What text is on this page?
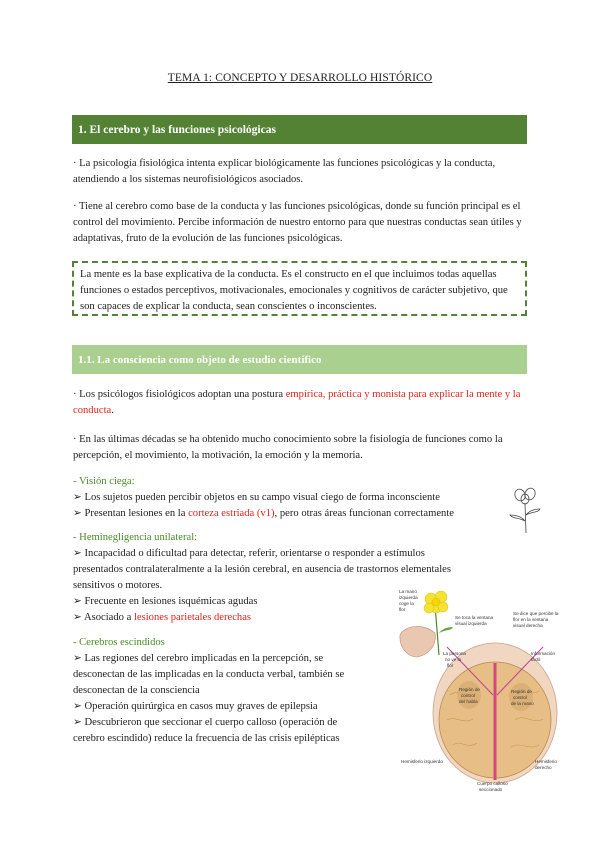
TEMA 1: CONCEPTO Y DESARROLLO HISTÓRICO
1. El cerebro y las funciones psicológicas

· La psicología fisiológica intenta explicar biológicamente las funciones psicológicas y la conducta, atendiendo a los sistemas neurofisiológicos asociados.

· Tiene al cerebro como base de la conducta y las funciones psicológicas, donde su función principal es el control del movimiento. Percibe información de nuestro entorno para que nuestras conductas sean útiles y adaptativas, fruto de la evolución de las funciones psicológicas.

La mente es la base explicativa de la conducta. Es el constructo en el que incluimos todas aquellas funciones o estados perceptivos, motivacionales, emocionales y cognitivos de carácter subjetivo, que son capaces de explicar la conducta, sean conscientes o inconscientes.
1.1. La consciencia como objeto de estudio científico

· Los psicólogos fisiológicos adoptan una postura empírica, práctica y monista para explicar la mente y la conducta.

· En las últimas décadas se ha obtenido mucho conocimiento sobre la fisiología de funciones como la percepción, el movimiento, la motivación, la emoción y la memoria.

- Visión ciega:
➢ Los sujetos pueden percibir objetos en su campo visual ciego de forma inconsciente
➢ Presentan lesiones en la corteza estriada (v1), pero otras áreas funcionan correctamente
- Heminegligencia unilateral:
➢ Incapacidad o dificultad para detectar, referir, orientarse o responder a estímulos
presentados contralateralmente a la lesión cerebral, en ausencia de trastornos elementales
sensitivos o motores.
➢ Frecuente en lesiones isquémicas agudas
➢ Asociado a lesiones parietales derechas
- Cerebros escindidos
➢ Las regiones del cerebro implicadas en la percepción, se
desconectan de las implicadas en la conducta verbal, también se
desconectan de la consciencia
➢ Operación quirúrgica en casos muy graves de epilepsia
➢ Descubrieron que seccionar el cuerpo calloso (operación de
cerebro escindido) reduce la frecuencia de las crisis epilépticas
La mano
izquierda
coge la
flor
Se toca la ventana
visual izquierda
Se dice que percibe la
flor en la ventana
visual derecha
Información
táctil
La persona
no ve la
flor
Región de
control
del habla
Región de
control
de la mano
Hemisferio izquierdo	Hemisferio
derecho
Cuerpo calloso
seccionado
